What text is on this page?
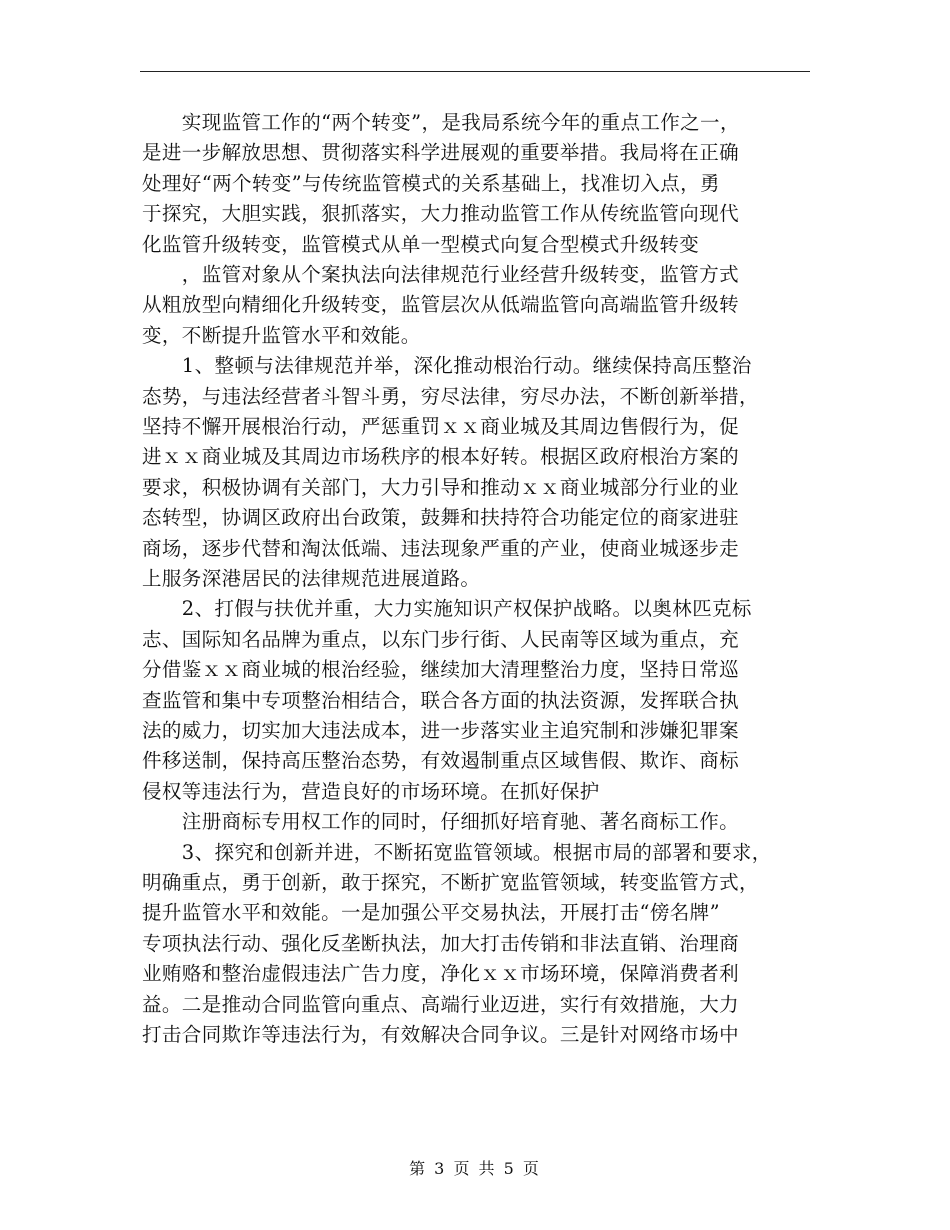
　　实现监管工作的“两个转变”，是我局系统今年的重点工作之一，
是进一步解放思想、贯彻落实科学进展观的重要举措。我局将在正确
处理好“两个转变”与传统监管模式的关系基础上，找准切入点，勇
于探究，大胆实践，狠抓落实，大力推动监管工作从传统监管向现代
化监管升级转变，监管模式从单一型模式向复合型模式升级转变
　　，监管对象从个案执法向法律规范行业经营升级转变，监管方式
从粗放型向精细化升级转变，监管层次从低端监管向高端监管升级转
变，不断提升监管水平和效能。
　　1、整顿与法律规范并举，深化推动根治行动。继续保持高压整治
态势，与违法经营者斗智斗勇，穷尽法律，穷尽办法，不断创新举措，
坚持不懈开展根治行动，严惩重罚ｘｘ商业城及其周边售假行为，促
进ｘｘ商业城及其周边市场秩序的根本好转。根据区政府根治方案的
要求，积极协调有关部门，大力引导和推动ｘｘ商业城部分行业的业
态转型，协调区政府出台政策，鼓舞和扶持符合功能定位的商家进驻
商场，逐步代替和淘汰低端、违法现象严重的产业，使商业城逐步走
上服务深港居民的法律规范进展道路。
　　2、打假与扶优并重，大力实施知识产权保护战略。以奥林匹克标
志、国际知名品牌为重点，以东门步行街、人民南等区域为重点，充
分借鉴ｘｘ商业城的根治经验，继续加大清理整治力度，坚持日常巡
查监管和集中专项整治相结合，联合各方面的执法资源，发挥联合执
法的威力，切实加大违法成本，进一步落实业主追究制和涉嫌犯罪案
件移送制，保持高压整治态势，有效遏制重点区域售假、欺诈、商标
侵权等违法行为，营造良好的市场环境。在抓好保护
　　注册商标专用权工作的同时，仔细抓好培育驰、著名商标工作。
　　3、探究和创新并进，不断拓宽监管领域。根据市局的部署和要求，
明确重点，勇于创新，敢于探究，不断扩宽监管领域，转变监管方式，
提升监管水平和效能。一是加强公平交易执法，开展打击“傍名牌”
专项执法行动、强化反垄断执法，加大打击传销和非法直销、治理商
业贿赂和整治虚假违法广告力度，净化ｘｘ市场环境，保障消费者利
益。二是推动合同监管向重点、高端行业迈进，实行有效措施，大力
打击合同欺诈等违法行为，有效解决合同争议。三是针对网络市场中
第 3 页 共 5 页
